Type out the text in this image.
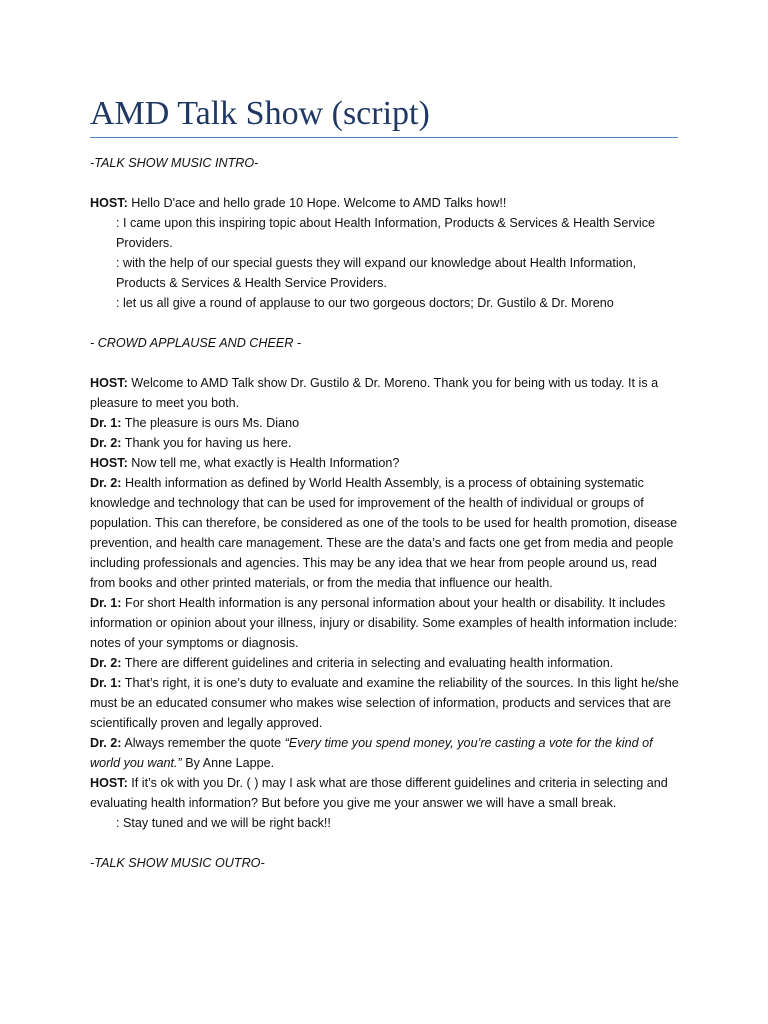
AMD Talk Show (script)

-TALK SHOW MUSIC INTRO-

HOST: Hello D'ace and hello grade 10 Hope. Welcome to AMD Talks how!!

: I came upon this inspiring topic about Health Information, Products & Services & Health Service Providers.

: with the help of our special guests they will expand our knowledge about Health Information, Products & Services & Health Service Providers.

: let us all give a round of applause to our two gorgeous doctors; Dr. Gustilo & Dr. Moreno

- CROWD APPLAUSE AND CHEER -

HOST: Welcome to AMD Talk show Dr. Gustilo & Dr. Moreno. Thank you for being with us today. It is a pleasure to meet you both.

Dr. 1: The pleasure is ours Ms. Diano

Dr. 2: Thank you for having us here.

HOST: Now tell me, what exactly is Health Information?

Dr. 2: Health information as defined by World Health Assembly, is a process of obtaining systematic knowledge and technology that can be used for improvement of the health of individual or groups of population. This can therefore, be considered as one of the tools to be used for health promotion, disease prevention, and health care management. These are the data’s and facts one get from media and people including professionals and agencies. This may be any idea that we hear from people around us, read from books and other printed materials, or from the media that influence our health.

Dr. 1: For short Health information is any personal information about your health or disability. It includes information or opinion about your illness, injury or disability. Some examples of health information include: notes of your symptoms or diagnosis.

Dr. 2: There are different guidelines and criteria in selecting and evaluating health information.

Dr. 1: That’s right, it is one’s duty to evaluate and examine the reliability of the sources. In this light he/she must be an educated consumer who makes wise selection of information, products and services that are scientifically proven and legally approved.

Dr. 2: Always remember the quote “Every time you spend money, you’re casting a vote for the kind of world you want.” By Anne Lappe.

HOST: If it’s ok with you Dr. ( ) may I ask what are those different guidelines and criteria in selecting and evaluating health information? But before you give me your answer we will have a small break.

: Stay tuned and we will be right back!!

-TALK SHOW MUSIC OUTRO-
